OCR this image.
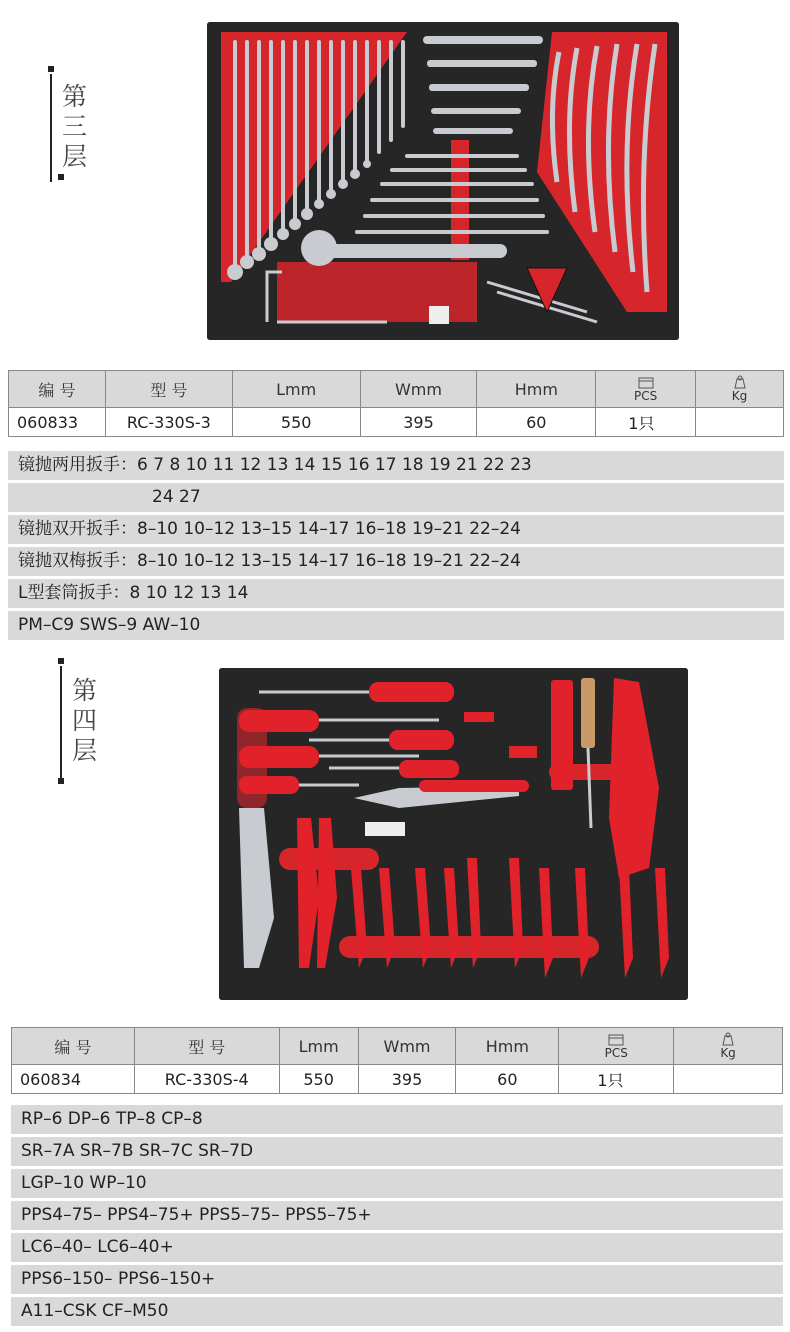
第三层
编 号	型 号	Lmm	Wmm	Hmm	PCS	Kg

060833	RC-330S-3	550	395	60	1只	
镜抛两用扳手：6 7 8 10 11 12 13 14 15 16 17 18 19 21 22 23
24 27
镜抛双开扳手：8–10 10–12 13–15 14–17 16–18 19–21 22–24
镜抛双梅扳手：8–10 10–12 13–15 14–17 16–18 19–21 22–24
L型套筒扳手：8 10 12 13 14
PM–C9 SWS–9 AW–10
第四层
编 号	型 号	Lmm	Wmm	Hmm	PCS	Kg

060834	RC-330S-4	550	395	60	1只	
RP–6 DP–6 TP–8 CP–8
SR–7A SR–7B SR–7C SR–7D
LGP–10 WP–10
PPS4–75– PPS4–75+ PPS5–75– PPS5–75+
LC6–40– LC6–40+
PPS6–150– PPS6–150+
A11–CSK CF–M50
